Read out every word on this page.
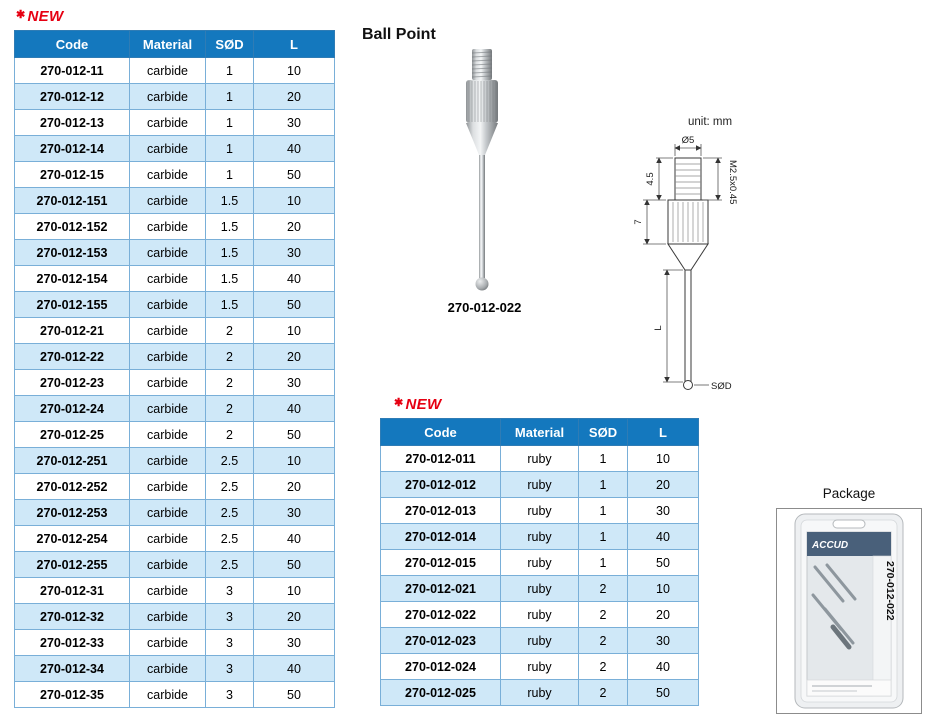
✱ NEW
Code	Material	SØD	L
270-012-11	carbide	1	10
270-012-12	carbide	1	20
270-012-13	carbide	1	30
270-012-14	carbide	1	40
270-012-15	carbide	1	50
270-012-151	carbide	1.5	10
270-012-152	carbide	1.5	20
270-012-153	carbide	1.5	30
270-012-154	carbide	1.5	40
270-012-155	carbide	1.5	50
270-012-21	carbide	2	10
270-012-22	carbide	2	20
270-012-23	carbide	2	30
270-012-24	carbide	2	40
270-012-25	carbide	2	50
270-012-251	carbide	2.5	10
270-012-252	carbide	2.5	20
270-012-253	carbide	2.5	30
270-012-254	carbide	2.5	40
270-012-255	carbide	2.5	50
270-012-31	carbide	3	10
270-012-32	carbide	3	20
270-012-33	carbide	3	30
270-012-34	carbide	3	40
270-012-35	carbide	3	50
Ball Point
270-012-022
unit: mm
Ø5
4.5
7
L
M2.5x0.45
SØD
✱ NEW
Code	Material	SØD	L
270-012-011	ruby	1	10
270-012-012	ruby	1	20
270-012-013	ruby	1	30
270-012-014	ruby	1	40
270-012-015	ruby	1	50
270-012-021	ruby	2	10
270-012-022	ruby	2	20
270-012-023	ruby	2	30
270-012-024	ruby	2	40
270-012-025	ruby	2	50
Package
ACCUD
270-012-022
